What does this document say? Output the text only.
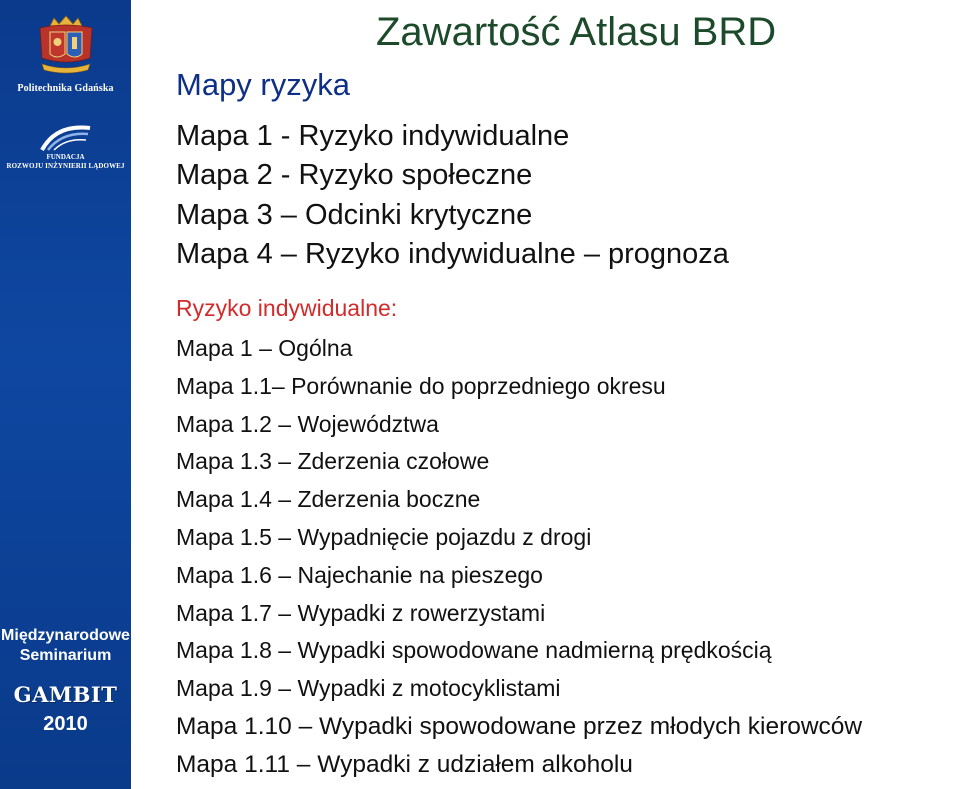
Politechnika Gdańska
FUNDACJA
ROZWOJU INŻYNIERII LĄDOWEJ
Międzynarodowe
Seminarium
GAMBIT
2010
Zawartość Atlasu BRD
Mapy ryzyka
Mapa 1 - Ryzyko indywidualne
Mapa 2 - Ryzyko społeczne
Mapa 3 – Odcinki krytyczne
Mapa 4 – Ryzyko indywidualne – prognoza
Ryzyko indywidualne:
Mapa 1 – Ogólna
Mapa 1.1– Porównanie do poprzedniego okresu
Mapa 1.2 – Województwa
Mapa 1.3 – Zderzenia czołowe
Mapa 1.4 – Zderzenia boczne
Mapa 1.5 – Wypadnięcie pojazdu z drogi
Mapa 1.6 – Najechanie na pieszego
Mapa 1.7 – Wypadki z rowerzystami
Mapa 1.8 – Wypadki spowodowane nadmierną prędkością
Mapa 1.9 – Wypadki z motocyklistami
Mapa 1.10 – Wypadki spowodowane przez młodych kierowców
Mapa 1.11 – Wypadki z udziałem alkoholu
